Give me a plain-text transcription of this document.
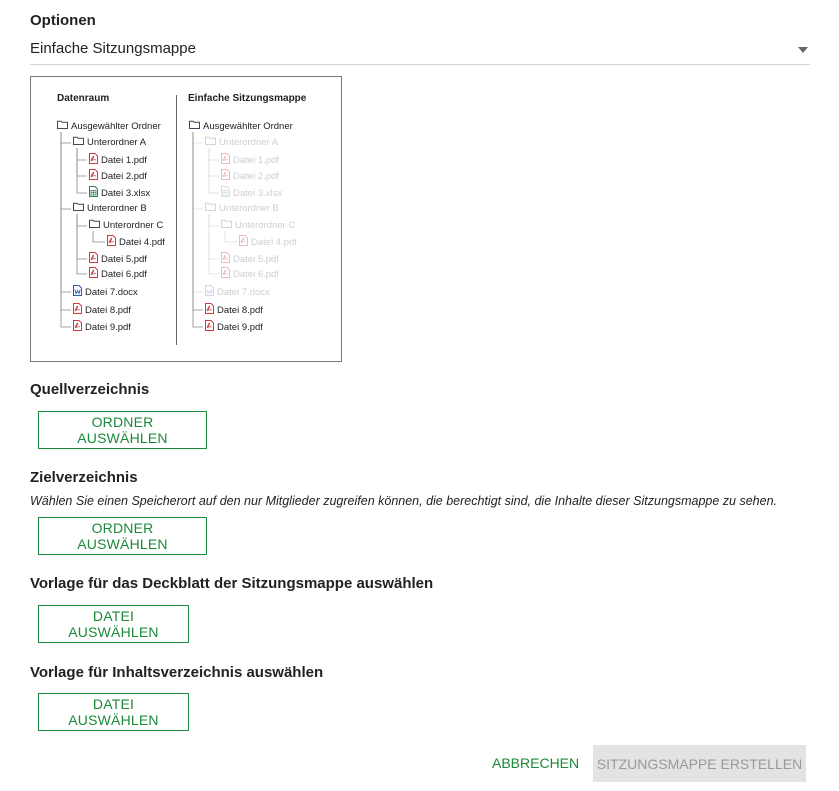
Optionen
Einfache Sitzungsmappe
Datenraum	Einfache Sitzungsmappe
Ausgewählter Ordner
Unterordner A
Datei 1.pdf
Datei 2.pdf
Datei 3.xlsx
Unterordner B
Unterordner C
Datei 4.pdf
Datei 5.pdf
Datei 6.pdf
Datei 7.docx
Datei 8.pdf
Datei 9.pdf
Ausgewählter Ordner
Unterordner A
Datei 1.pdf
Datei 2.pdf
Datei 3.xlsx
Unterordner B
Unterordner C
Datei 4.pdf
Datei 5.pdf
Datei 6.pdf
Datei 7.docx
Datei 8.pdf
Datei 9.pdf
Quellverzeichnis
ORDNER AUSWÄHLEN
Zielverzeichnis
Wählen Sie einen Speicherort auf den nur Mitglieder zugreifen können, die berechtigt sind, die Inhalte dieser Sitzungsmappe zu sehen.
ORDNER AUSWÄHLEN
Vorlage für das Deckblatt der Sitzungsmappe auswählen
DATEI AUSWÄHLEN
Vorlage für Inhaltsverzeichnis auswählen
DATEI AUSWÄHLEN
ABBRECHEN	SITZUNGSMAPPE ERSTELLEN
